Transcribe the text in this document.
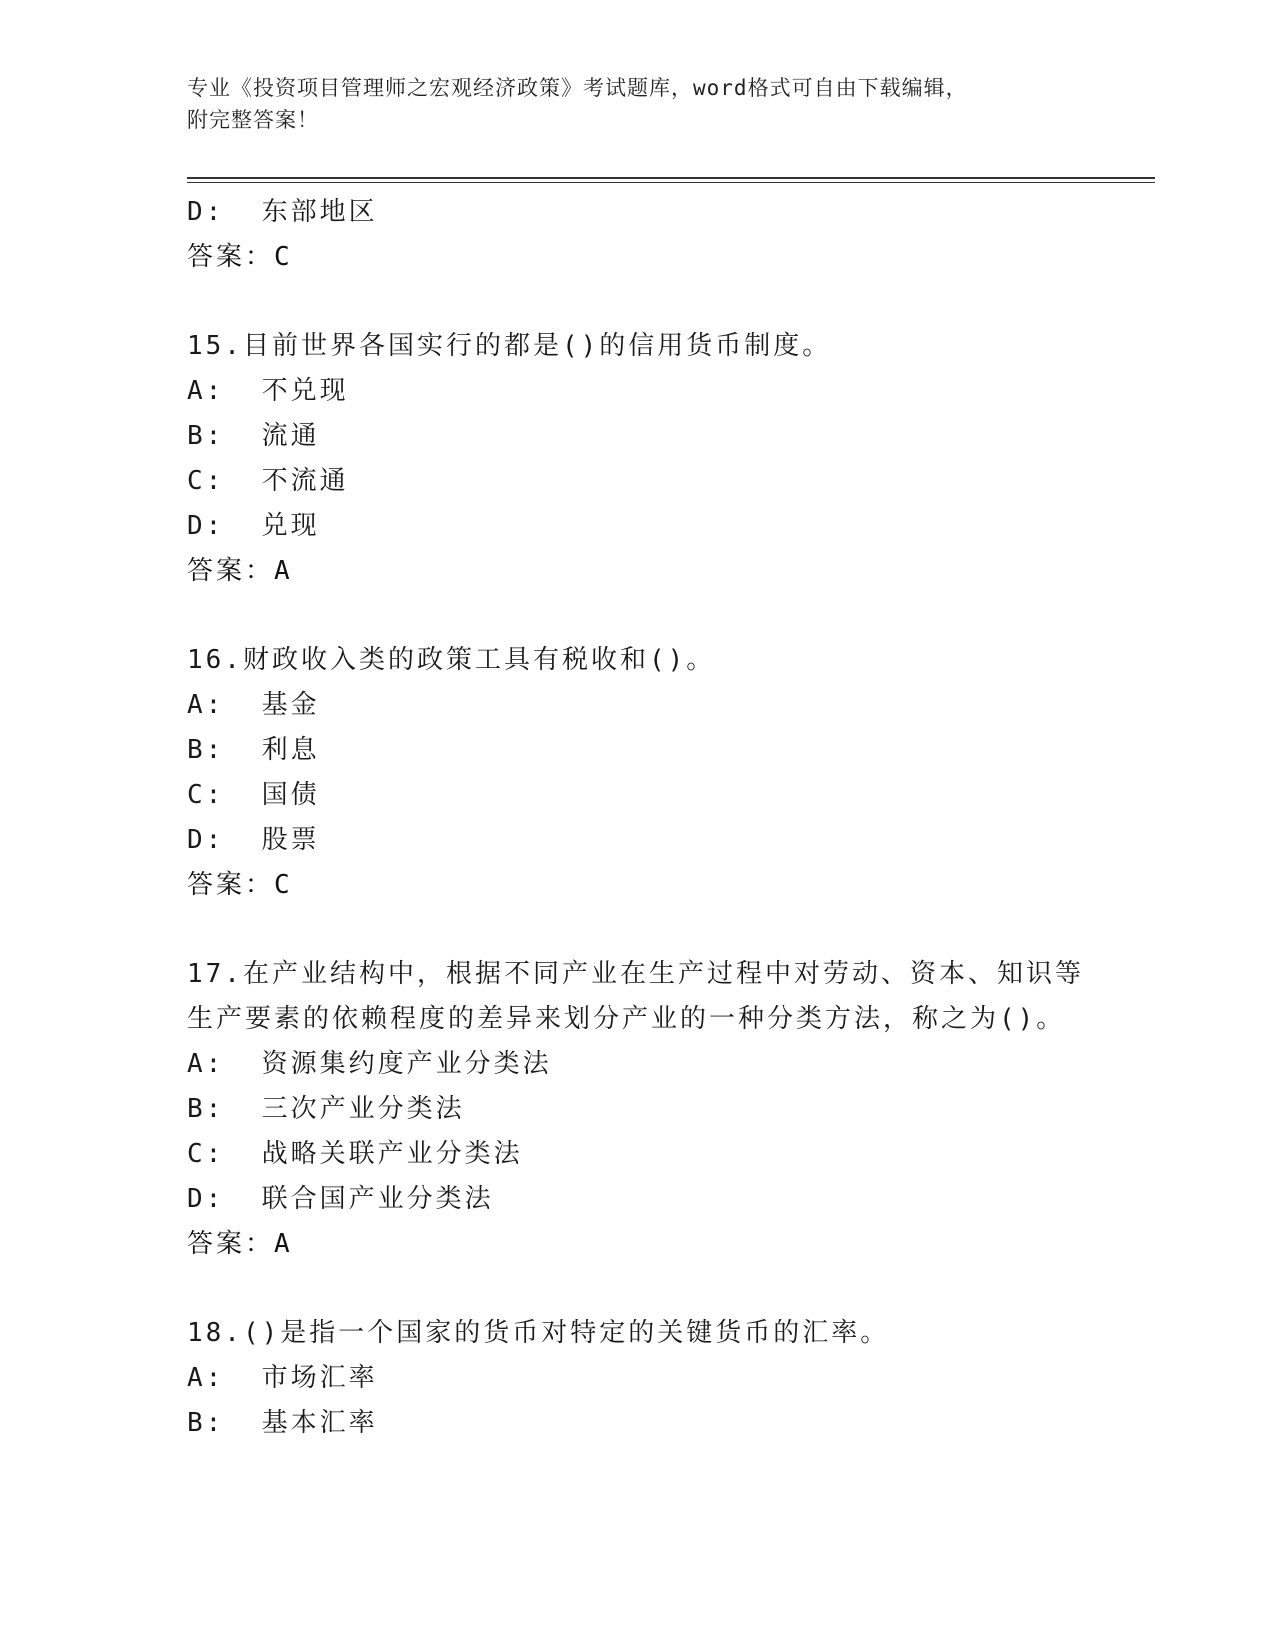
专业《投资项目管理师之宏观经济政策》考试题库，word格式可自由下载编辑，
附完整答案！
D:  东部地区
答案：C
15.目前世界各国实行的都是()的信用货币制度。
A:  不兑现
B:  流通
C:  不流通
D:  兑现
答案：A
16.财政收入类的政策工具有税收和()。
A:  基金
B:  利息
C:  国债
D:  股票
答案：C
17.在产业结构中，根据不同产业在生产过程中对劳动、资本、知识等
生产要素的依赖程度的差异来划分产业的一种分类方法，称之为()。
A:  资源集约度产业分类法
B:  三次产业分类法
C:  战略关联产业分类法
D:  联合国产业分类法
答案：A
18.()是指一个国家的货币对特定的关键货币的汇率。
A:  市场汇率
B:  基本汇率
